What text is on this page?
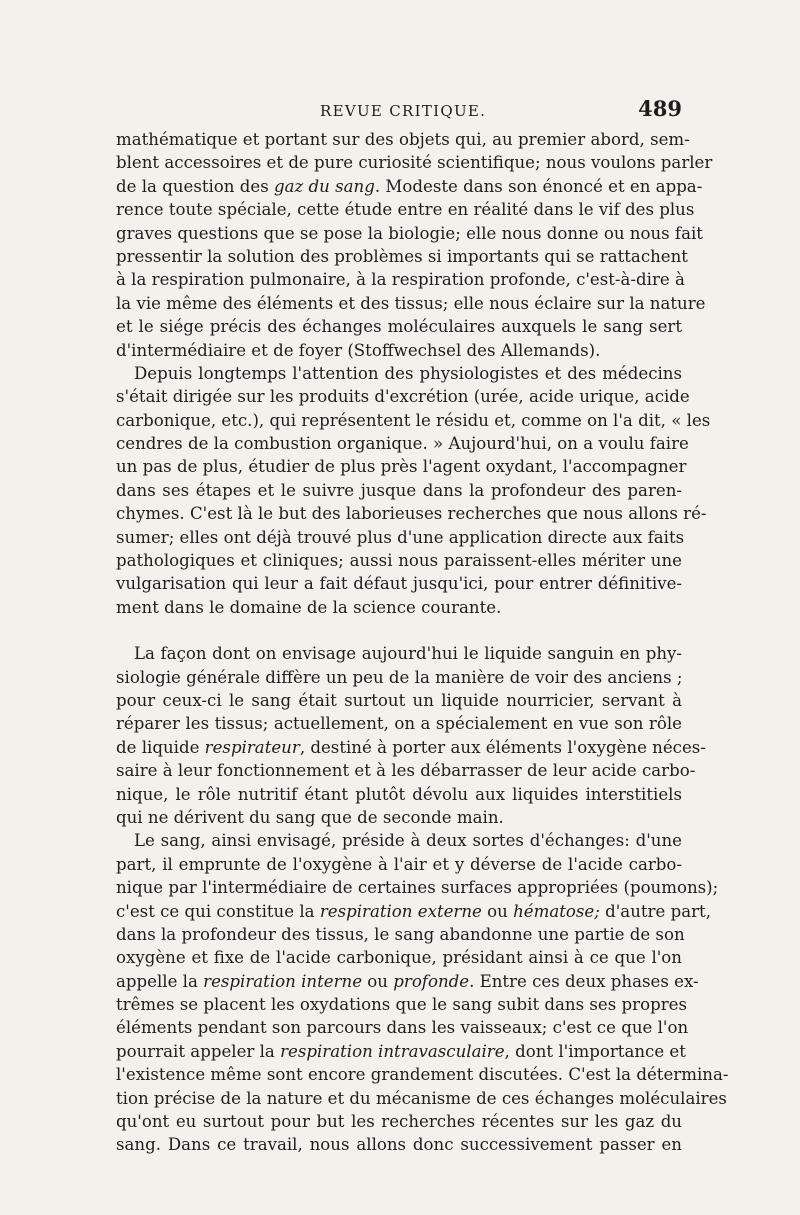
REVUE CRITIQUE.	489
mathématique et portant sur des objets qui, au premier abord, sem-
blent accessoires et de pure curiosité scientifique; nous voulons parler
de la question des gaz du sang. Modeste dans son énoncé et en appa-
rence toute spéciale, cette étude entre en réalité dans le vif des plus
graves questions que se pose la biologie; elle nous donne ou nous fait
pressentir la solution des problèmes si importants qui se rattachent
à la respiration pulmonaire, à la respiration profonde, c'est-à-dire à
la vie même des éléments et des tissus; elle nous éclaire sur la nature
et le siége précis des échanges moléculaires auxquels le sang sert
d'intermédiaire et de foyer (Stoffwechsel des Allemands).
Depuis longtemps l'attention des physiologistes et des médecins
s'était dirigée sur les produits d'excrétion (urée, acide urique, acide
carbonique, etc.), qui représentent le résidu et, comme on l'a dit, « les
cendres de la combustion organique. » Aujourd'hui, on a voulu faire
un pas de plus, étudier de plus près l'agent oxydant, l'accompagner
dans ses étapes et le suivre jusque dans la profondeur des paren-
chymes. C'est là le but des laborieuses recherches que nous allons ré-
sumer; elles ont déjà trouvé plus d'une application directe aux faits
pathologiques et cliniques; aussi nous paraissent-elles mériter une
vulgarisation qui leur a fait défaut jusqu'ici, pour entrer définitive-
ment dans le domaine de la science courante.
La façon dont on envisage aujourd'hui le liquide sanguin en phy-
siologie générale diffère un peu de la manière de voir des anciens ;
pour ceux-ci le sang était surtout un liquide nourricier, servant à
réparer les tissus; actuellement, on a spécialement en vue son rôle
de liquide respirateur, destiné à porter aux éléments l'oxygène néces-
saire à leur fonctionnement et à les débarrasser de leur acide carbo-
nique, le rôle nutritif étant plutôt dévolu aux liquides interstitiels
qui ne dérivent du sang que de seconde main.
Le sang, ainsi envisagé, préside à deux sortes d'échanges: d'une
part, il emprunte de l'oxygène à l'air et y déverse de l'acide carbo-
nique par l'intermédiaire de certaines surfaces appropriées (poumons);
c'est ce qui constitue la respiration externe ou hématose; d'autre part,
dans la profondeur des tissus, le sang abandonne une partie de son
oxygène et fixe de l'acide carbonique, présidant ainsi à ce que l'on
appelle la respiration interne ou profonde. Entre ces deux phases ex-
trêmes se placent les oxydations que le sang subit dans ses propres
éléments pendant son parcours dans les vaisseaux; c'est ce que l'on
pourrait appeler la respiration intravasculaire, dont l'importance et
l'existence même sont encore grandement discutées. C'est la détermina-
tion précise de la nature et du mécanisme de ces échanges moléculaires
qu'ont eu surtout pour but les recherches récentes sur les gaz du
sang. Dans ce travail, nous allons donc successivement passer en
